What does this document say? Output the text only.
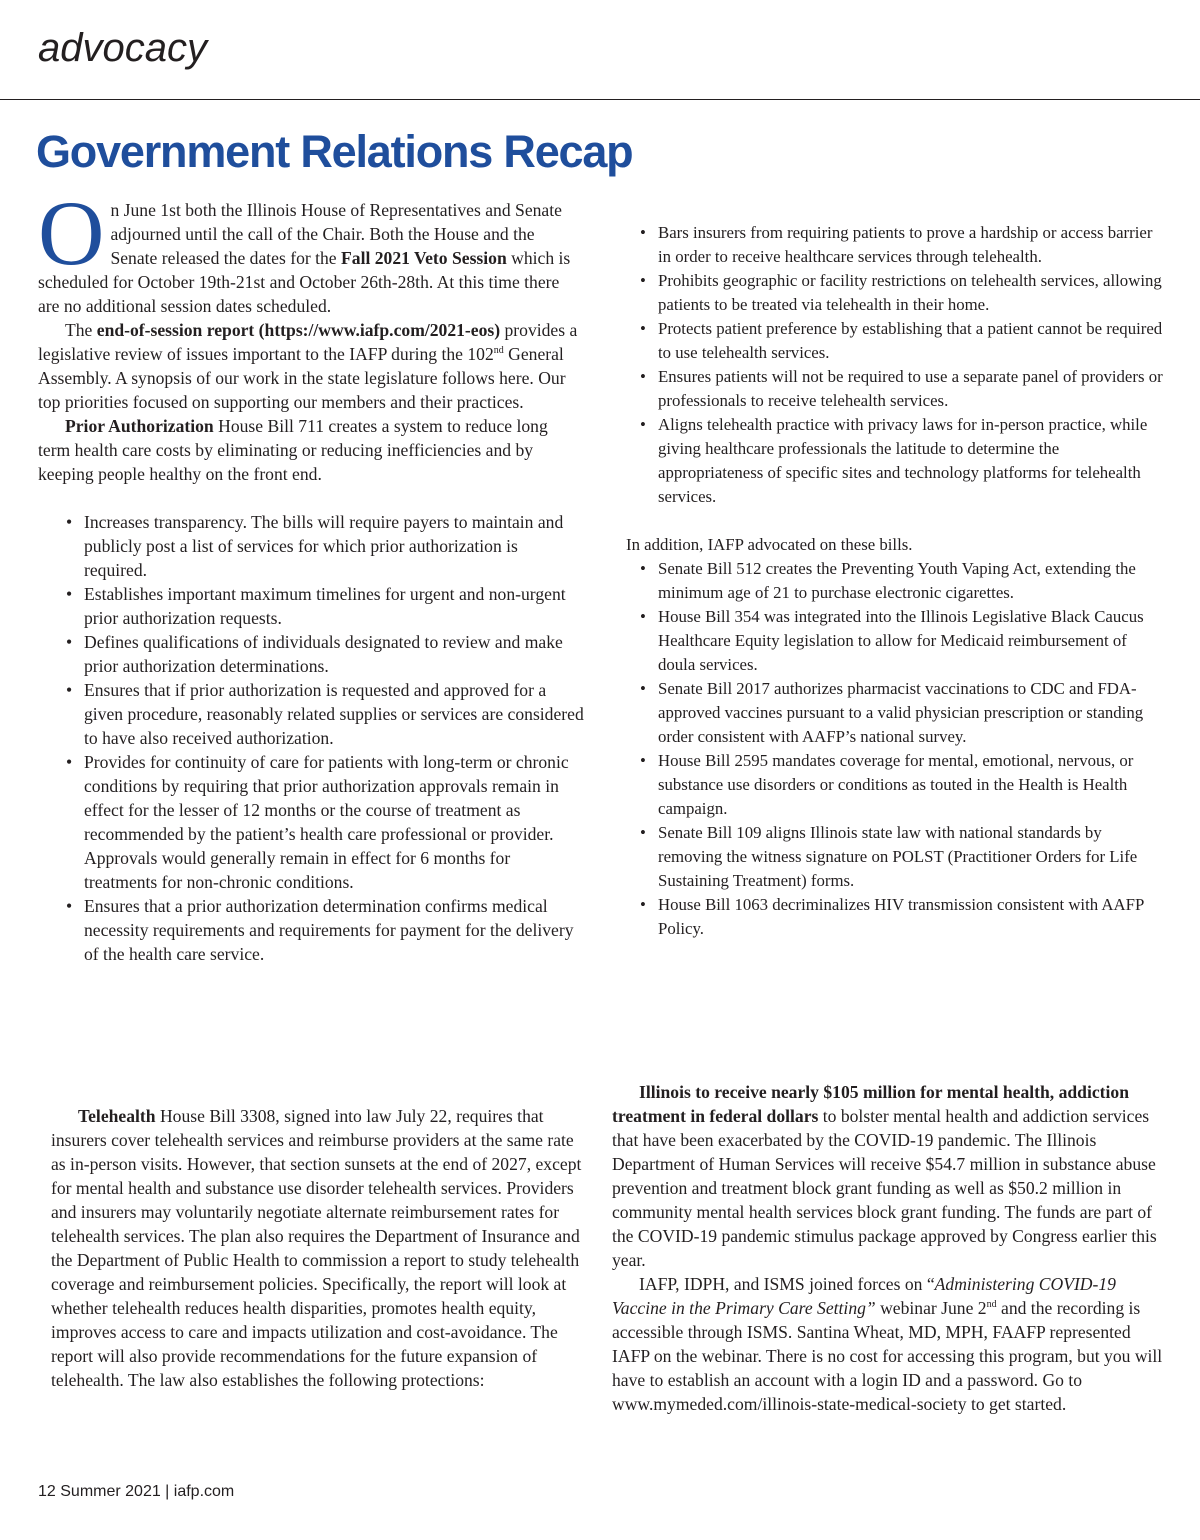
advocacy
Government Relations Recap

On June 1st both the Illinois House of Representatives and Senate adjourned until the call of the Chair. Both the House and the Senate released the dates for the Fall 2021 Veto Session which is scheduled for October 19th-21st and October 26th-28th. At this time there are no additional session dates scheduled.

The end-of-session report (https://www.iafp.com/2021-eos) provides a legislative review of issues important to the IAFP during the 102nd General Assembly. A synopsis of our work in the state legislature follows here. Our top priorities focused on supporting our members and their practices.

Prior Authorization House Bill 711 creates a system to reduce long term health care costs by eliminating or reducing inefficiencies and by keeping people healthy on the front end.

• Increases transparency. The bills will require payers to maintain and publicly post a list of services for which prior authorization is required.
• Establishes important maximum timelines for urgent and non-urgent prior authorization requests.
• Defines qualifications of individuals designated to review and make prior authorization determinations.
• Ensures that if prior authorization is requested and approved for a given procedure, reasonably related supplies or services are considered to have also received authorization.
• Provides for continuity of care for patients with long-term or chronic conditions by requiring that prior authorization approvals remain in effect for the lesser of 12 months or the course of treatment as recommended by the patient’s health care professional or provider. Approvals would generally remain in effect for 6 months for treatments for non-chronic conditions.
• Ensures that a prior authorization determination confirms medical necessity requirements and requirements for payment for the delivery of the health care service.

Telehealth House Bill 3308, signed into law July 22, requires that insurers cover telehealth services and reimburse providers at the same rate as in-person visits. However, that section sunsets at the end of 2027, except for mental health and substance use disorder telehealth services. Providers and insurers may voluntarily negotiate alternate reimbursement rates for telehealth services. The plan also requires the Department of Insurance and the Department of Public Health to commission a report to study telehealth coverage and reimbursement policies. Specifically, the report will look at whether telehealth reduces health disparities, promotes health equity, improves access to care and impacts utilization and cost-avoidance. The report will also provide recommendations for the future expansion of telehealth. The law also establishes the following protections:

• Bars insurers from requiring patients to prove a hardship or access barrier in order to receive healthcare services through telehealth.
• Prohibits geographic or facility restrictions on telehealth services, allowing patients to be treated via telehealth in their home.
• Protects patient preference by establishing that a patient cannot be required to use telehealth services.
• Ensures patients will not be required to use a separate panel of providers or professionals to receive telehealth services.
• Aligns telehealth practice with privacy laws for in-person practice, while giving healthcare professionals the latitude to determine the appropriateness of specific sites and technology platforms for telehealth services.

In addition, IAFP advocated on these bills.

• Senate Bill 512 creates the Preventing Youth Vaping Act, extending the minimum age of 21 to purchase electronic cigarettes.
• House Bill 354 was integrated into the Illinois Legislative Black Caucus Healthcare Equity legislation to allow for Medicaid reimbursement of doula services.
• Senate Bill 2017 authorizes pharmacist vaccinations to CDC and FDA-approved vaccines pursuant to a valid physician prescription or standing order consistent with AAFP’s national survey.
• House Bill 2595 mandates coverage for mental, emotional, nervous, or substance use disorders or conditions as touted in the Health is Health campaign.
• Senate Bill 109 aligns Illinois state law with national standards by removing the witness signature on POLST (Practitioner Orders for Life Sustaining Treatment) forms.
• House Bill 1063 decriminalizes HIV transmission consistent with AAFP Policy.

Illinois to receive nearly $105 million for mental health, addiction treatment in federal dollars to bolster mental health and addiction services that have been exacerbated by the COVID-19 pandemic. The Illinois Department of Human Services will receive $54.7 million in substance abuse prevention and treatment block grant funding as well as $50.2 million in community mental health services block grant funding. The funds are part of the COVID-19 pandemic stimulus package approved by Congress earlier this year.

IAFP, IDPH, and ISMS joined forces on “Administering COVID-19 Vaccine in the Primary Care Setting” webinar June 2nd and the recording is accessible through ISMS. Santina Wheat, MD, MPH, FAAFP represented IAFP on the webinar. There is no cost for accessing this program, but you will have to establish an account with a login ID and a password. Go to www.mymeded.com/illinois-state-medical-society to get started.

12 Summer 2021 | iafp.com
